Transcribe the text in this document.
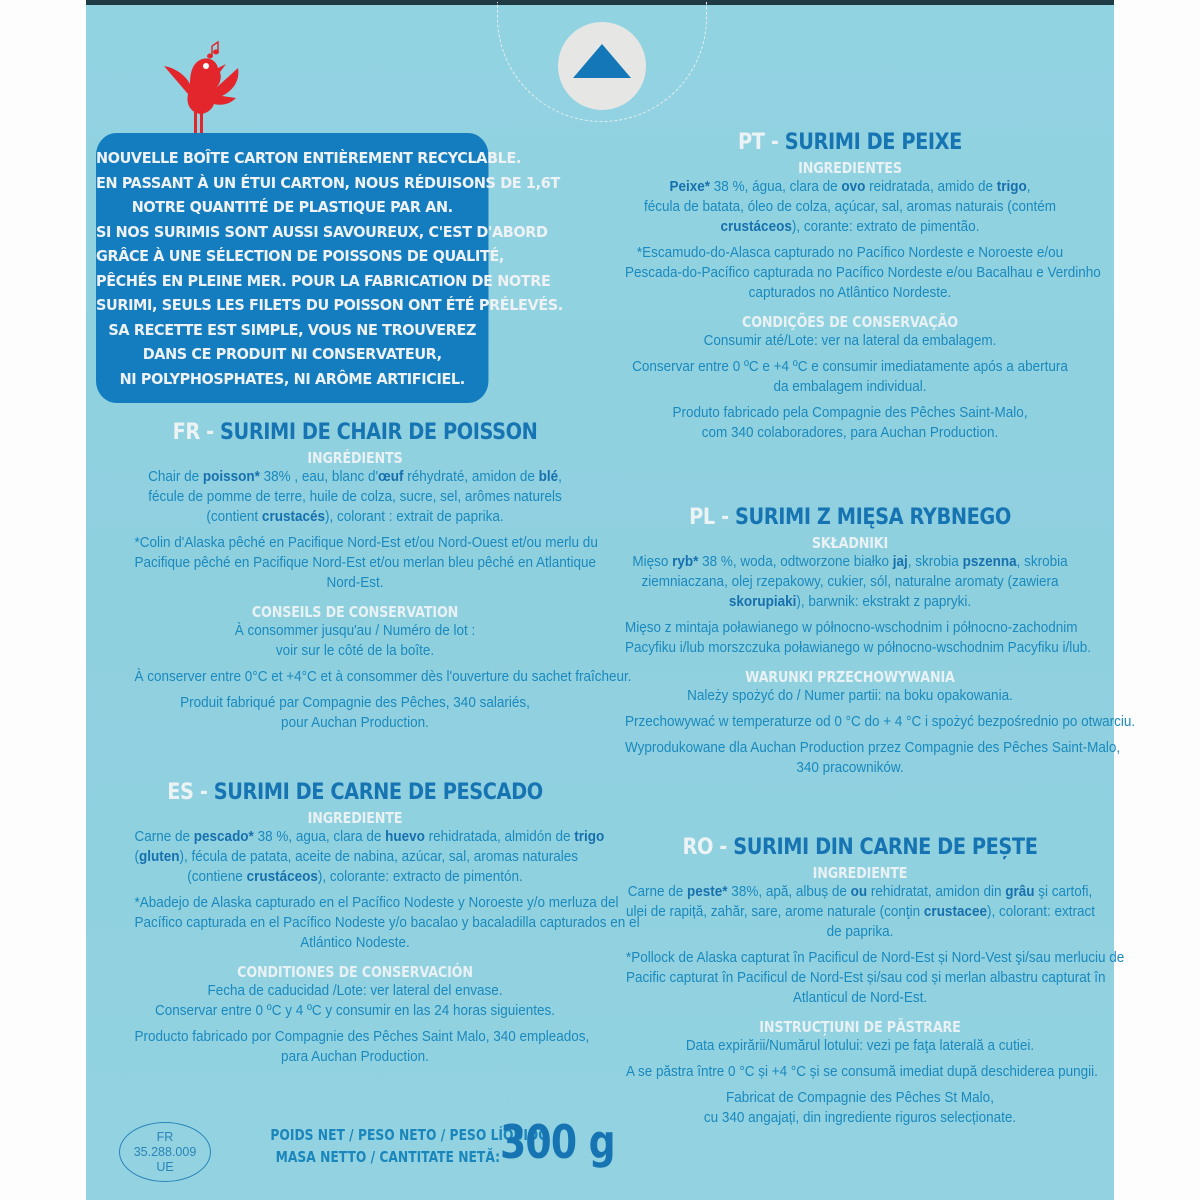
NOUVELLE BOÎTE CARTON ENTIÈREMENT RECYCLABLE.
EN PASSANT À UN ÉTUI CARTON, NOUS RÉDUISONS DE 1,6T
NOTRE QUANTITÉ DE PLASTIQUE PAR AN.
SI NOS SURIMIS SONT AUSSI SAVOUREUX, C'EST D'ABORD
GRÂCE À UNE SÉLECTION DE POISSONS DE QUALITÉ,
PÊCHÉS EN PLEINE MER. POUR LA FABRICATION DE NOTRE
SURIMI, SEULS LES FILETS DU POISSON ONT ÉTÉ PRÉLEVÉS.
SA RECETTE EST SIMPLE, VOUS NE TROUVEREZ
DANS CE PRODUIT NI CONSERVATEUR,
NI POLYPHOSPHATES, NI ARÔME ARTIFICIEL.
FR - SURIMI DE CHAIR DE POISSON
INGRÉDIENTS
Chair de poisson* 38% , eau, blanc d'œuf réhydraté, amidon de blé,
fécule de pomme de terre, huile de colza, sucre, sel, arômes naturels
(contient crustacés), colorant : extrait de paprika.
*Colin d'Alaska pêché en Pacifique Nord-Est et/ou Nord-Ouest et/ou merlu du
Pacifique pêché en Pacifique Nord-Est et/ou merlan bleu pêché en Atlantique
Nord-Est.
CONSEILS DE CONSERVATION
À consommer jusqu'au / Numéro de lot :
voir sur le côté de la boîte.
À conserver entre 0°C et +4°C et à consommer dès l'ouverture du sachet fraîcheur.
Produit fabriqué par Compagnie des Pêches, 340 salariés,
pour Auchan Production.
ES - SURIMI DE CARNE DE PESCADO
INGREDIENTE
Carne de pescado* 38 %, agua, clara de huevo rehidratada, almidón de trigo
(gluten), fécula de patata, aceite de nabina, azúcar, sal, aromas naturales
(contiene crustáceos), colorante: extracto de pimentón.
*Abadejo de Alaska capturado en el Pacífico Nodeste y Noroeste y/o merluza del
Pacífico capturada en el Pacífico Nodeste y/o bacalao y bacaladilla capturados en el
Atlántico Nodeste.
CONDITIONES DE CONSERVACIÓN
Fecha de caducidad /Lote: ver lateral del envase.
Conservar entre 0 ºC y 4 ºC y consumir en las 24 horas siguientes.
Producto fabricado por Compagnie des Pêches Saint Malo, 340 empleados,
para Auchan Production.
PT - SURIMI DE PEIXE
INGREDIENTES
Peixe* 38 %, água, clara de ovo reidratada, amido de trigo,
fécula de batata, óleo de colza, açúcar, sal, aromas naturais (contém
crustáceos), corante: extrato de pimentão.
*Escamudo-do-Alasca capturado no Pacífico Nordeste e Noroeste e/ou
Pescada-do-Pacífico capturada no Pacífico Nordeste e/ou Bacalhau e Verdinho
capturados no Atlântico Nordeste.
CONDIÇÕES DE CONSERVAÇÃO
Consumir até/Lote: ver na lateral da embalagem.
Conservar entre 0 ºC e +4 ºC e consumir imediatamente após a abertura
da embalagem individual.
Produto fabricado pela Compagnie des Pêches Saint-Malo,
com 340 colaboradores, para Auchan Production.
PL - SURIMI Z MIĘSA RYBNEGO
SKŁADNIKI
Mięso ryb* 38 %, woda, odtworzone białko jaj, skrobia pszenna, skrobia
ziemniaczana, olej rzepakowy, cukier, sól, naturalne aromaty (zawiera
skorupiaki), barwnik: ekstrakt z papryki.
Mięso z mintaja poławianego w północno-wschodnim i północno-zachodnim
Pacyfiku i/lub morszczuka poławianego w północno-wschodnim Pacyfiku i/lub.
WARUNKI PRZECHOWYWANIA
Należy spożyć do / Numer partii: na boku opakowania.
Przechowywać w temperaturze od 0 °C do + 4 °C i spożyć bezpośrednio po otwarciu.
Wyprodukowane dla Auchan Production przez Compagnie des Pêches Saint-Malo,
340 pracowników.
RO - SURIMI DIN CARNE DE PEȘTE
INGREDIENTE
Carne de peste* 38%, apă, albuș de ou rehidratat, amidon din grâu şi cartofi,
ulei de rapiță, zahăr, sare, arome naturale (conţin crustacee), colorant: extract
de paprika.
*Pollock de Alaska capturat în Pacificul de Nord-Est și Nord-Vest şi/sau merluciu de
Pacific capturat în Pacificul de Nord-Est și/sau cod și merlan albastru capturat în
Atlanticul de Nord-Est.
INSTRUCȚIUNI DE PĂSTRARE
Data expirării/Numărul lotului: vezi pe faţa laterală a cutiei.
A se păstra între 0 °C și +4 °C și se consumă imediat după deschiderea pungii.
Fabricat de Compagnie des Pêches St Malo,
cu 340 angajați, din ingrediente riguros selecționate.
FR
35.288.009
UE
POIDS NET / PESO NETO / PESO LÍQUIDO /
MASA NETTO / CANTITATE NETĂ: 300 g
